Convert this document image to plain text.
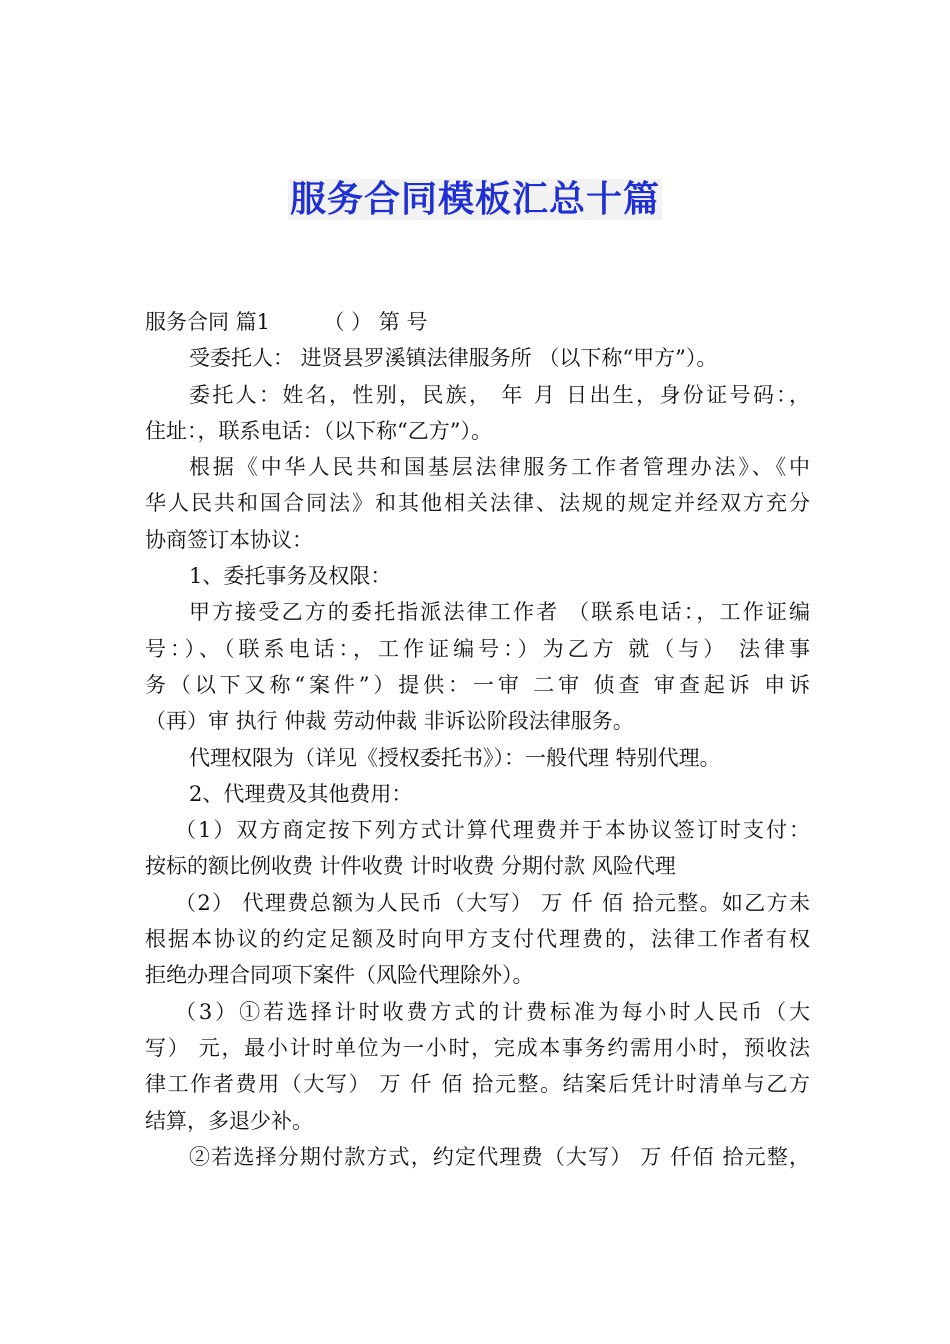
服务合同模板汇总十篇
服务合同 篇1        （ ） 第 号
受委托人： 进贤县罗溪镇法律服务所 （以下称“甲方”）。
委托人：姓名，性别，民族， 年 月 日出生，身份证号码：，
住址：，联系电话：（以下称“乙方”）。
根据《中华人民共和国基层法律服务工作者管理办法》、《中
华人民共和国合同法》和其他相关法律、法规的规定并经双方充分
协商签订本协议：
1、委托事务及权限：
甲方接受乙方的委托指派法律工作者 （联系电话：，工作证编
号：）、（联系电话：，工作证编号：）为乙方 就（与） 法律事
务（以下又称“案件”）提供：一审 二审 侦查 审查起诉 申诉
（再）审 执行 仲裁 劳动仲裁 非诉讼阶段法律服务。
代理权限为（详见《授权委托书》）：一般代理 特别代理。
2、代理费及其他费用：
（1）双方商定按下列方式计算代理费并于本协议签订时支付：
按标的额比例收费 计件收费 计时收费 分期付款 风险代理
（2） 代理费总额为人民币（大写） 万 仟 佰 拾元整。如乙方未
根据本协议的约定足额及时向甲方支付代理费的，法律工作者有权
拒绝办理合同项下案件（风险代理除外）。
（3）①若选择计时收费方式的计费标准为每小时人民币（大
写） 元，最小计时单位为一小时，完成本事务约需用小时，预收法
律工作者费用（大写） 万 仟 佰 拾元整。结案后凭计时清单与乙方
结算，多退少补。
②若选择分期付款方式，约定代理费（大写） 万 仟佰 拾元整，
